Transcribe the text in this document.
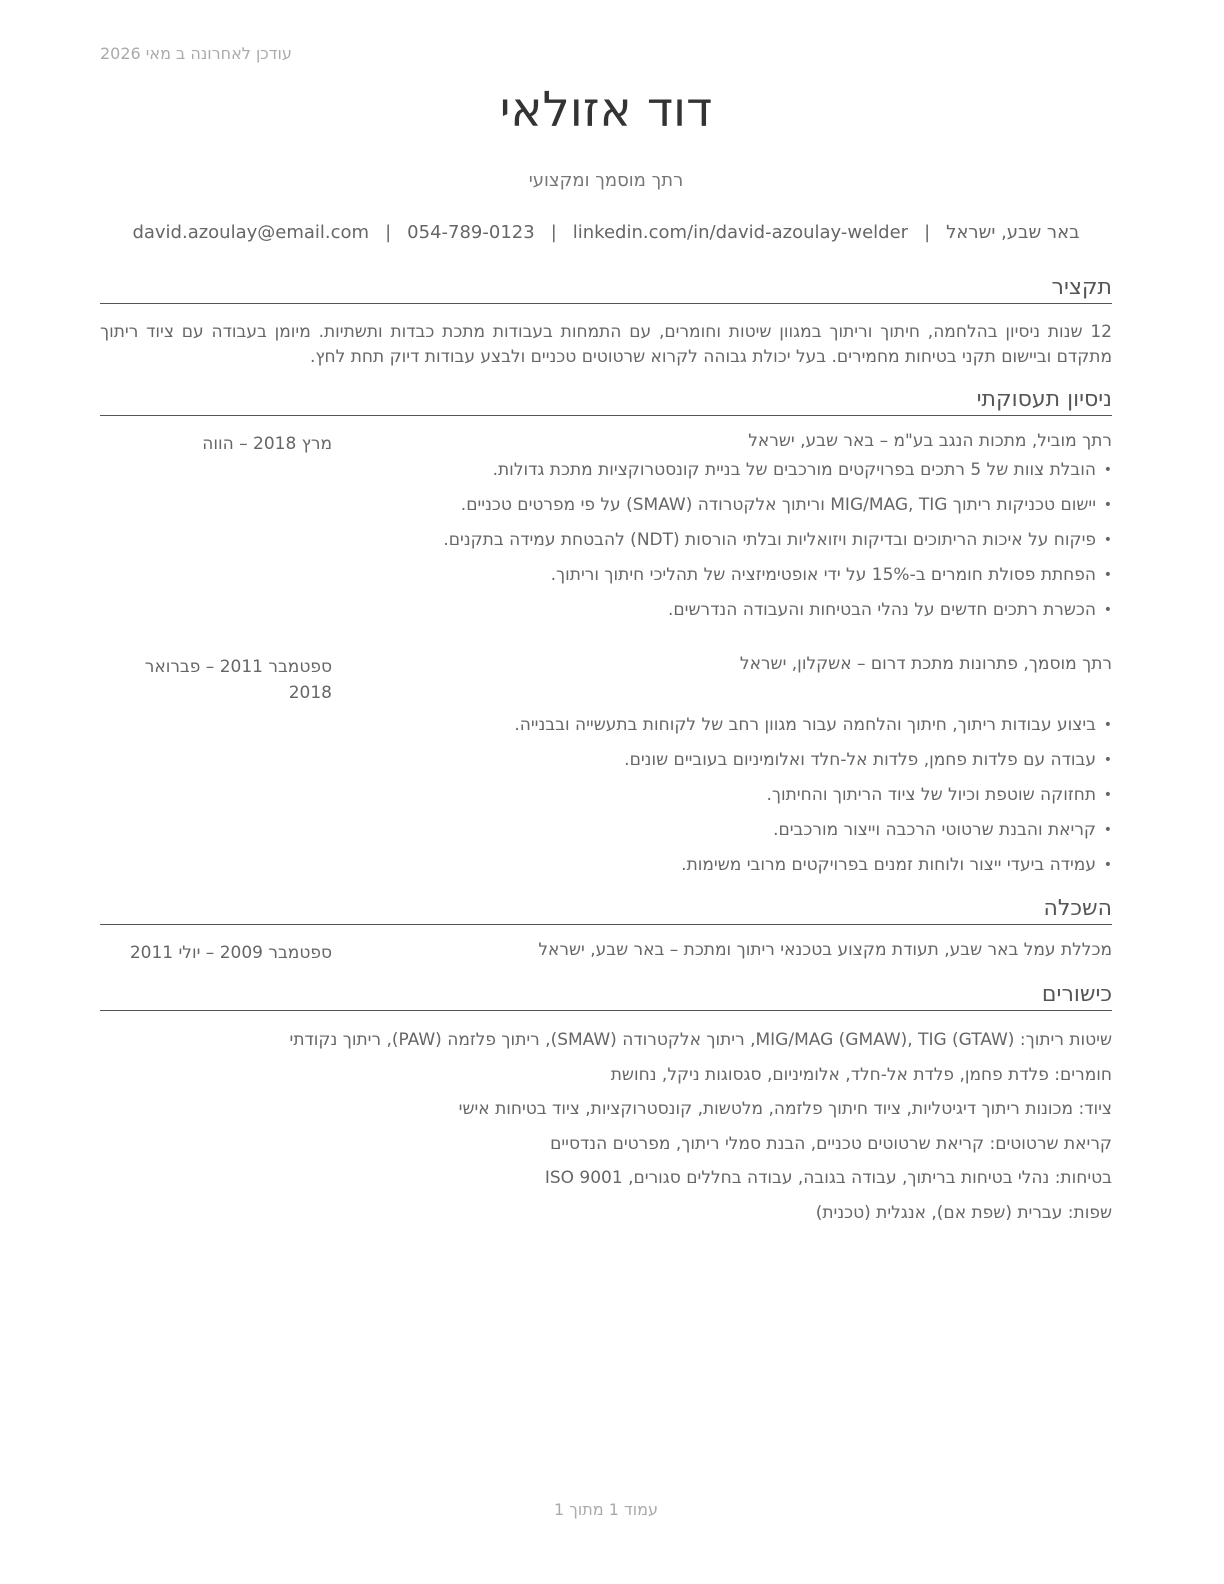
עודכן לאחרונה ב מאי 2026
דוד אזולאי
רתך מוסמך ומקצועי
באר שבע, ישראל|david.azoulay@email.com | 054-789-0123 | linkedin.com/in/david-azoulay-welder
תקציר
12 שנות ניסיון בהלחמה, חיתוך וריתוך במגוון שיטות וחומרים, עם התמחות בעבודות מתכת כבדות ותשתיות. מיומן בעבודה עם ציוד ריתוך מתקדם וביישום תקני בטיחות מחמירים. בעל יכולת גבוהה לקרוא שרטוטים טכניים ולבצע עבודות דיוק תחת לחץ.
ניסיון תעסוקתי
רתך מוביל, מתכות הנגב בע"מ – באר שבע, ישראל
מרץ 2018 – הווה
• הובלת צוות של 5 רתכים בפרויקטים מורכבים של בניית קונסטרוקציות מתכת גדולות.
• יישום טכניקות ריתוך MIG/MAG, TIG וריתוך אלקטרודה (SMAW) על פי מפרטים טכניים.
• פיקוח על איכות הריתוכים ובדיקות ויזואליות ובלתי הורסות (NDT) להבטחת עמידה בתקנים.
• הפחתת פסולת חומרים ב-15% על ידי אופטימיזציה של תהליכי חיתוך וריתוך.
• הכשרת רתכים חדשים על נהלי הבטיחות והעבודה הנדרשים.
רתך מוסמך, פתרונות מתכת דרום – אשקלון, ישראל
ספטמבר 2011 – פברואר 2018
• ביצוע עבודות ריתוך, חיתוך והלחמה עבור מגוון רחב של לקוחות בתעשייה ובבנייה.
• עבודה עם פלדות פחמן, פלדות אל-חלד ואלומיניום בעוביים שונים.
• תחזוקה שוטפת וכיול של ציוד הריתוך והחיתוך.
• קריאת והבנת שרטוטי הרכבה וייצור מורכבים.
• עמידה ביעדי ייצור ולוחות זמנים בפרויקטים מרובי משימות.
השכלה
מכללת עמל באר שבע, תעודת מקצוע בטכנאי ריתוך ומתכת – באר שבע, ישראל
ספטמבר 2009 – יולי 2011
כישורים
שיטות ריתוך: MIG/MAG (GMAW), TIG (GTAW), ריתוך אלקטרודה (SMAW), ריתוך פלזמה (PAW), ריתוך נקודתי
חומרים: פלדת פחמן, פלדת אל-חלד, אלומיניום, סגסוגות ניקל, נחושת
ציוד: מכונות ריתוך דיגיטליות, ציוד חיתוך פלזמה, מלטשות, קונסטרוקציות, ציוד בטיחות אישי
קריאת שרטוטים: קריאת שרטוטים טכניים, הבנת סמלי ריתוך, מפרטים הנדסיים
בטיחות: נהלי בטיחות בריתוך, עבודה בגובה, עבודה בחללים סגורים, ISO 9001
שפות: עברית (שפת אם), אנגלית (טכנית)
עמוד 1 מתוך 1
